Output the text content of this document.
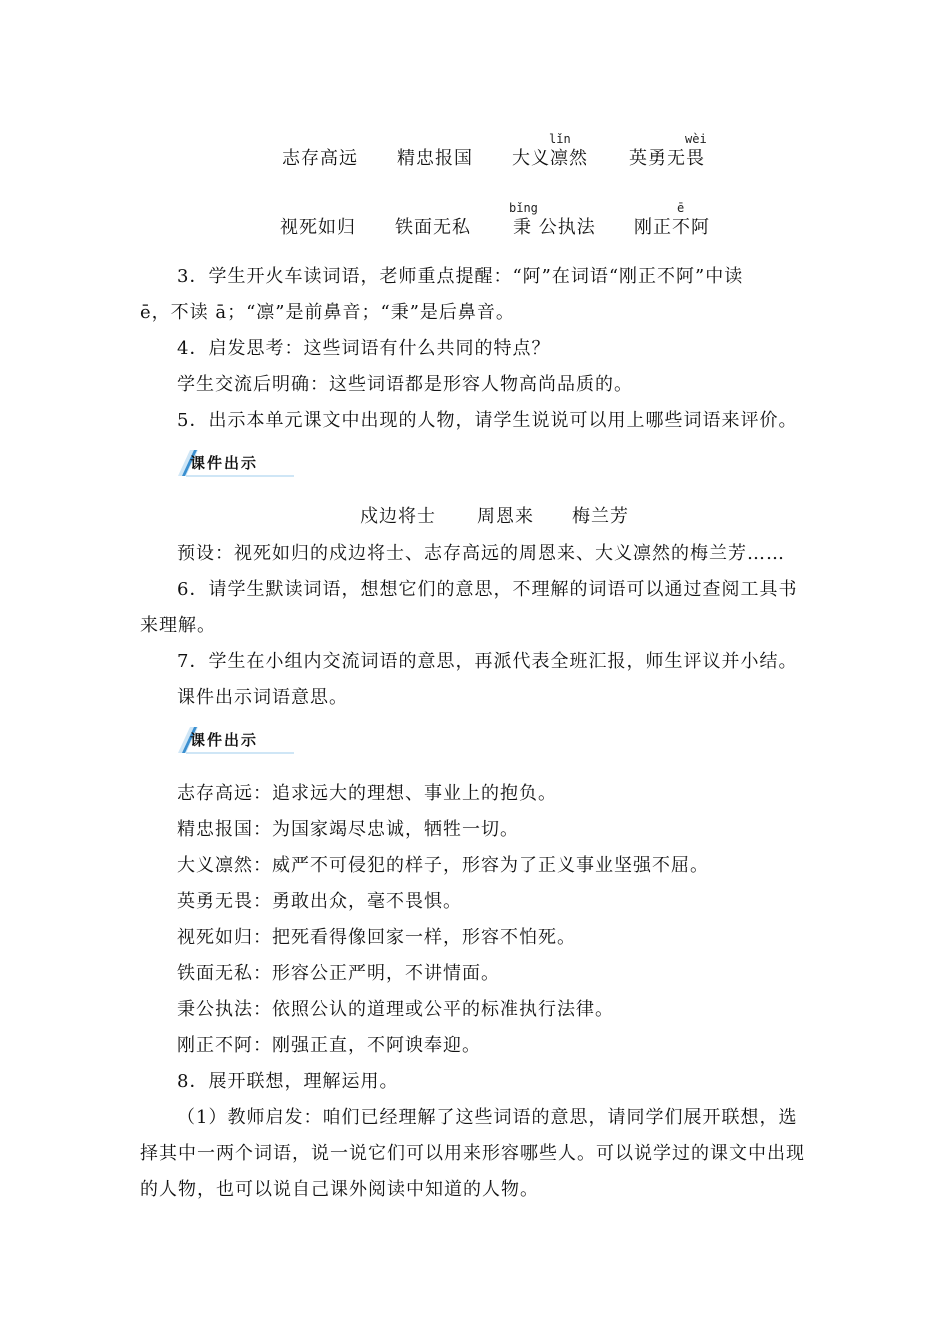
志存高远 精忠报国
lǐn
大义凛然
wèi
英勇无畏
视死如归 铁面无私
bǐng
秉 公执法
ē
刚正不阿
3．学生开火车读词语，老师重点提醒：“阿”在词语“刚正不阿”中读
ē，不读 ā；“凛”是前鼻音；“秉”是后鼻音。
4．启发思考：这些词语有什么共同的特点？
学生交流后明确：这些词语都是形容人物高尚品质的。
5．出示本单元课文中出现的人物，请学生说说可以用上哪些词语来评价。
课件出示
戍边将士 周恩来 梅兰芳
预设：视死如归的戍边将士、志存高远的周恩来、大义凛然的梅兰芳……
6．请学生默读词语，想想它们的意思，不理解的词语可以通过查阅工具书
来理解。
7．学生在小组内交流词语的意思，再派代表全班汇报，师生评议并小结。
课件出示词语意思。
课件出示
志存高远：追求远大的理想、事业上的抱负。
精忠报国：为国家竭尽忠诚，牺牲一切。
大义凛然：威严不可侵犯的样子，形容为了正义事业坚强不屈。
英勇无畏：勇敢出众，毫不畏惧。
视死如归：把死看得像回家一样，形容不怕死。
铁面无私：形容公正严明，不讲情面。
秉公执法：依照公认的道理或公平的标准执行法律。
刚正不阿：刚强正直，不阿谀奉迎。
8．展开联想，理解运用。
（1）教师启发：咱们已经理解了这些词语的意思，请同学们展开联想，选
择其中一两个词语，说一说它们可以用来形容哪些人。可以说学过的课文中出现
的人物，也可以说自己课外阅读中知道的人物。
